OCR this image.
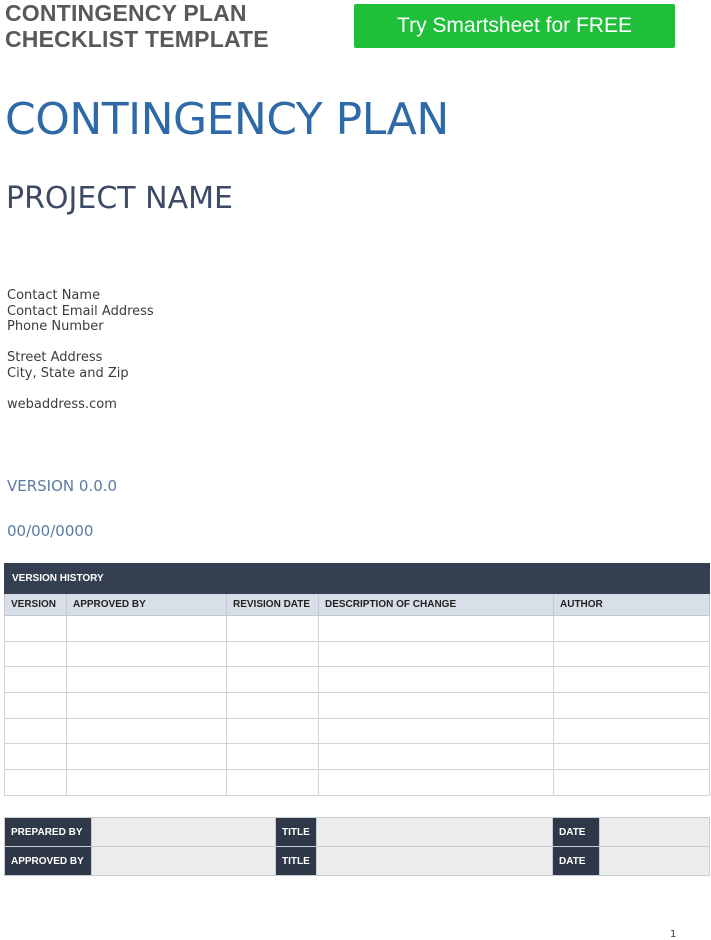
CONTINGENCY PLAN
CHECKLIST TEMPLATE
Try Smartsheet for FREE
CONTINGENCY PLAN
PROJECT NAME
Contact Name
Contact Email Address
Phone Number
Street Address
City, State and Zip
webaddress.com
VERSION 0.0.0
00/00/0000
VERSION HISTORY				
VERSION	APPROVED BY	REVISION DATE	DESCRIPTION OF CHANGE	AUTHOR

PREPARED BY		TITLE		DATE	
APPROVED BY		TITLE		DATE	
1
